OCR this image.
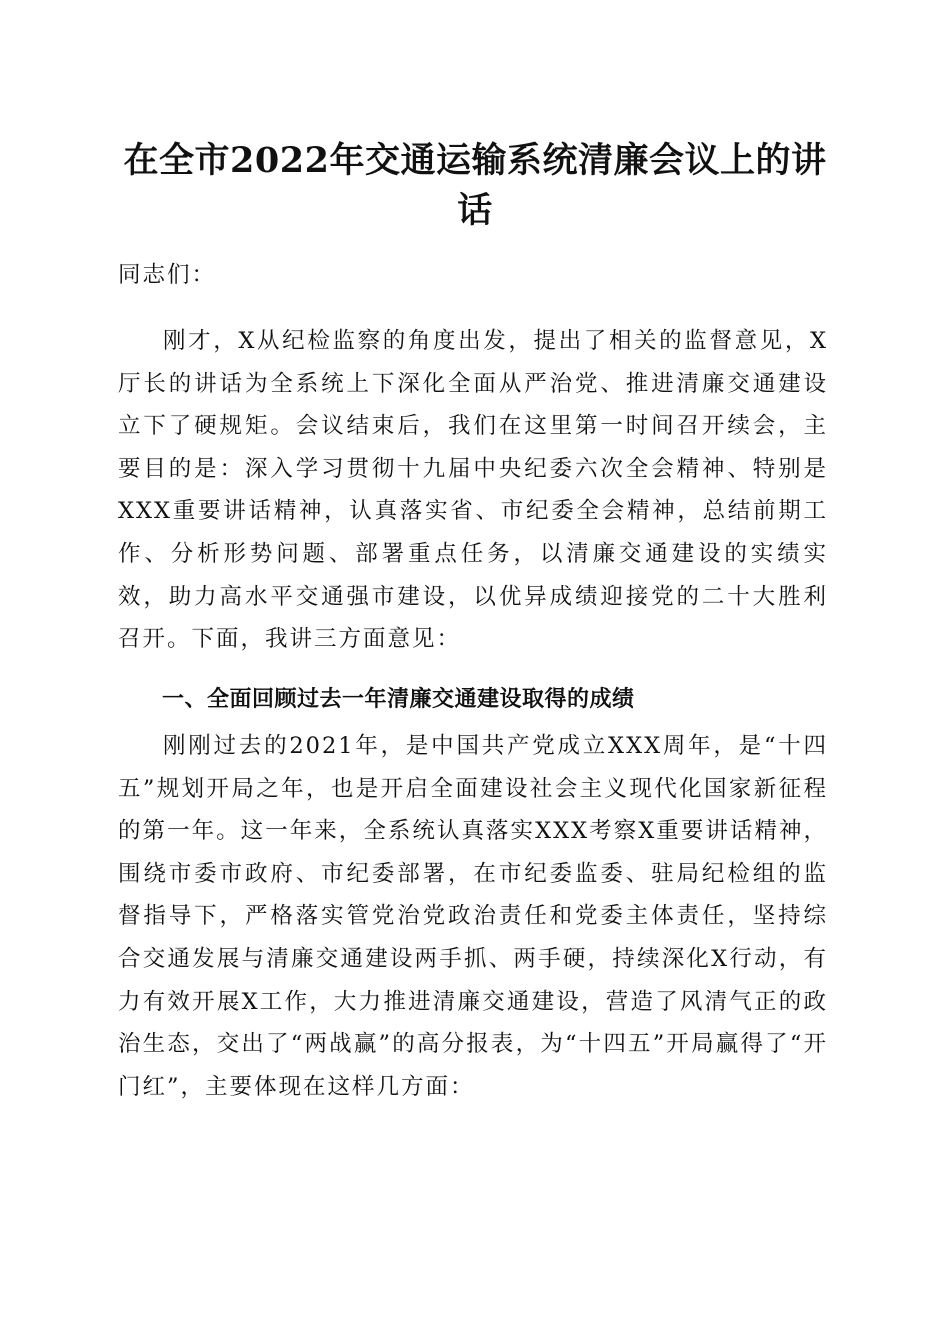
在全市2022年交通运输系统清廉会议上的讲话
同志们：

刚才，X从纪检监察的角度出发，提出了相关的监督意见，X厅长的讲话为全系统上下深化全面从严治党、推进清廉交通建设立下了硬规矩。会议结束后，我们在这里第一时间召开续会，主要目的是：深入学习贯彻十九届中央纪委六次全会精神、特别是XXX重要讲话精神，认真落实省、市纪委全会精神，总结前期工作、分析形势问题、部署重点任务，以清廉交通建设的实绩实效，助力高水平交通强市建设，以优异成绩迎接党的二十大胜利召开。下面，我讲三方面意见：

一、全面回顾过去一年清廉交通建设取得的成绩

刚刚过去的2021年，是中国共产党成立XXX周年，是“十四五”规划开局之年，也是开启全面建设社会主义现代化国家新征程的第一年。这一年来，全系统认真落实XXX考察X重要讲话精神，围绕市委市政府、市纪委部署，在市纪委监委、驻局纪检组的监督指导下，严格落实管党治党政治责任和党委主体责任，坚持综合交通发展与清廉交通建设两手抓、两手硬，持续深化X行动，有力有效开展X工作，大力推进清廉交通建设，营造了风清气正的政治生态，交出了“两战赢”的高分报表，为“十四五”开局赢得了“开门红”，主要体现在这样几方面：
